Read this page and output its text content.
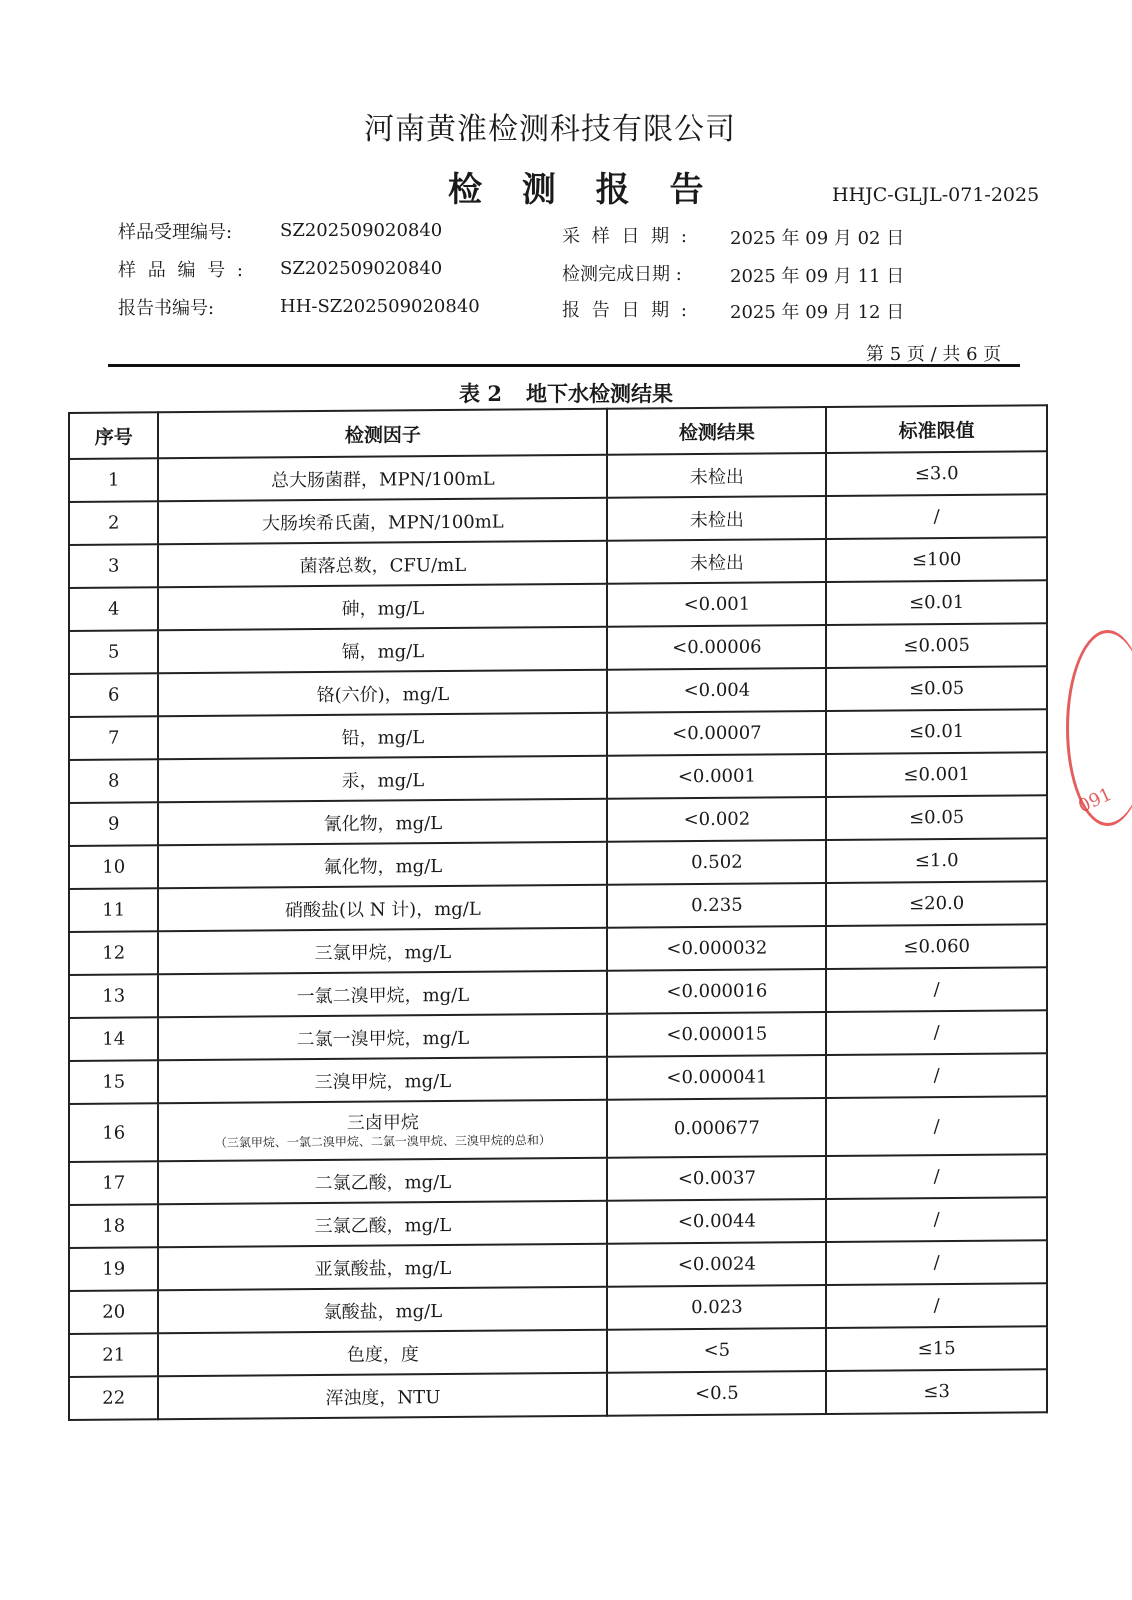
河南黄淮检测科技有限公司
检 测 报 告	HHJC-GLJL-071-2025
样品受理编号:	SZ202509020840
样 品 编 号 : SZ202509020840
报告书编号:	HH-SZ202509020840
采 样 日 期 : 2025 年 09 月 02 日
检测完成日期 :	2025 年 09 月 11 日
报 告 日 期 : 2025 年 09 月 12 日
第 5 页 / 共 6 页
表 2 地下水检测结果
序号	检测因子	检测结果	标准限值
1	总大肠菌群，MPN/100mL	未检出	≤3.0
2	大肠埃希氏菌，MPN/100mL	未检出	/
3	菌落总数，CFU/mL	未检出	≤100
4	砷，mg/L	<0.001	≤0.01
5	镉，mg/L	<0.00006	≤0.005
6	铬(六价)，mg/L	<0.004	≤0.05
7	铅，mg/L	<0.00007	≤0.01
8	汞，mg/L	<0.0001	≤0.001
9	氰化物，mg/L	<0.002	≤0.05
10	氟化物，mg/L	0.502	≤1.0
11	硝酸盐(以 N 计)，mg/L	0.235	≤20.0
12	三氯甲烷，mg/L	<0.000032	≤0.060
13	一氯二溴甲烷，mg/L	<0.000016	/
14	二氯一溴甲烷，mg/L	<0.000015	/
15	三溴甲烷，mg/L	<0.000041	/
16	三卤甲烷
（三氯甲烷、一氯二溴甲烷、二氯一溴甲烷、三溴甲烷的总和）	0.000677	/
17	二氯乙酸，mg/L	<0.0037	/
18	三氯乙酸，mg/L	<0.0044	/
19	亚氯酸盐，mg/L	<0.0024	/
20	氯酸盐，mg/L	0.023	/
21	色度，度	<5	≤15
22	浑浊度，NTU	<0.5	≤3
091
